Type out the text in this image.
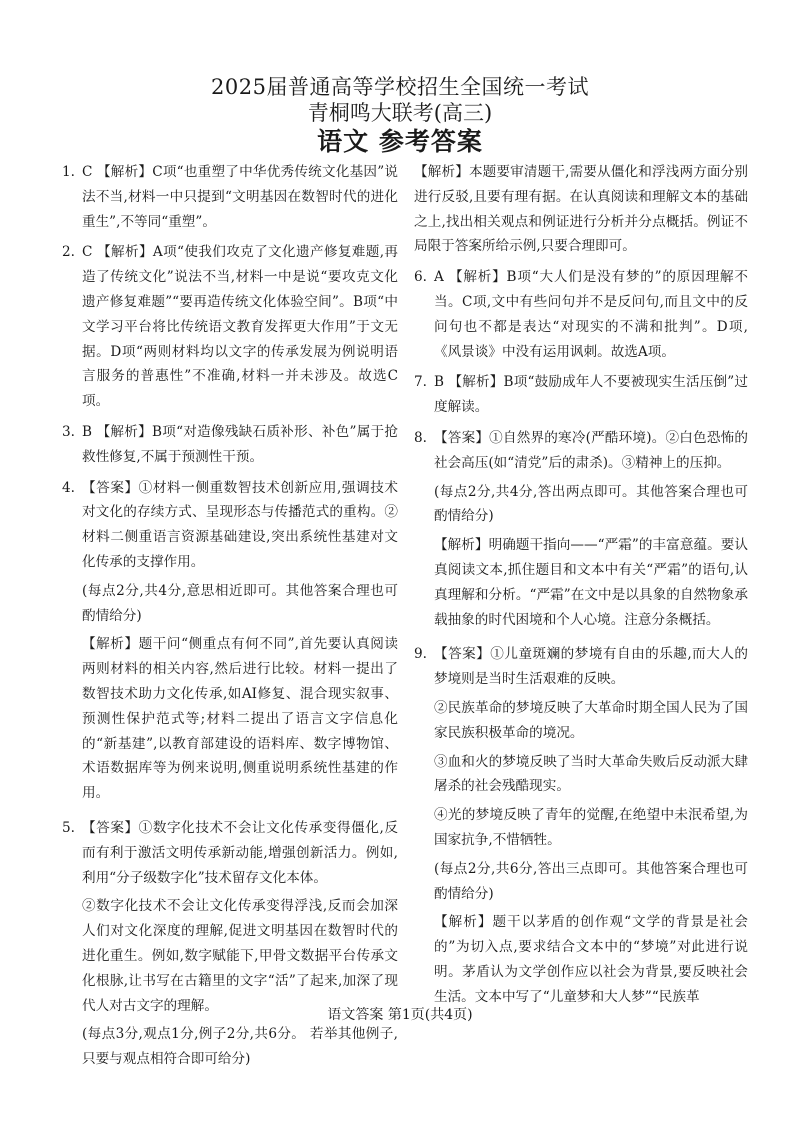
2025届普通高等学校招生全国统一考试
青桐鸣大联考(高三)
语文 参考答案
1. C 【解析】C项“也重塑了中华优秀传统文化基因”说法不当,材料一中只提到“文明基因在数智时代的进化重生”,不等同“重塑”。
2. C 【解析】A项“使我们攻克了文化遗产修复难题,再造了传统文化”说法不当,材料一中是说“要攻克文化遗产修复难题”“要再造传统文化体验空间”。B项“中文学习平台将比传统语文教育发挥更大作用”于文无据。D项“两则材料均以文字的传承发展为例说明语言服务的普惠性”不准确,材料一并未涉及。故选C项。
3. B 【解析】B项“对造像残缺石质补形、补色”属于抢救性修复,不属于预测性干预。
4. 【答案】①材料一侧重数智技术创新应用,强调技术对文化的存续方式、呈现形态与传播范式的重构。②材料二侧重语言资源基础建设,突出系统性基建对文化传承的支撑作用。

(每点2分,共4分,意思相近即可。其他答案合理也可酌情给分)

【解析】题干问“侧重点有何不同”,首先要认真阅读两则材料的相关内容,然后进行比较。材料一提出了数智技术助力文化传承,如AI修复、混合现实叙事、预测性保护范式等;材料二提出了语言文字信息化的“新基建”,以教育部建设的语料库、数字博物馆、术语数据库等为例来说明,侧重说明系统性基建的作用。

5. 【答案】①数字化技术不会让文化传承变得僵化,反而有利于激活文明传承新动能,增强创新活力。例如,利用“分子级数字化”技术留存文化本体。

②数字化技术不会让文化传承变得浮浅,反而会加深人们对文化深度的理解,促进文明基因在数智时代的进化重生。例如,数字赋能下,甲骨文数据平台传承文化根脉,让书写在古籍里的文字“活”了起来,加深了现代人对古文字的理解。

(每点3分,观点1分,例子2分,共6分。 若举其他例子,只要与观点相符合即可给分)

【解析】本题要审清题干,需要从僵化和浮浅两方面分别进行反驳,且要有理有据。在认真阅读和理解文本的基础之上,找出相关观点和例证进行分析并分点概括。例证不局限于答案所给示例,只要合理即可。

6. A 【解析】B项“大人们是没有梦的”的原因理解不当。C项,文中有些问句并不是反问句,而且文中的反问句也不都是表达“对现实的不满和批判”。D项,《风景谈》中没有运用讽刺。故选A项。
7. B 【解析】B项“鼓励成年人不要被现实生活压倒”过度解读。
8. 【答案】①自然界的寒冷(严酷环境)。②白色恐怖的社会高压(如“清党”后的肃杀)。③精神上的压抑。

(每点2分,共4分,答出两点即可。其他答案合理也可酌情给分)

【解析】明确题干指向——“严霜”的丰富意蕴。要认真阅读文本,抓住题目和文本中有关“严霜”的语句,认真理解和分析。“严霜”在文中是以具象的自然物象承载抽象的时代困境和个人心境。注意分条概括。

9. 【答案】①儿童斑斓的梦境有自由的乐趣,而大人的梦境则是当时生活艰难的反映。

②民族革命的梦境反映了大革命时期全国人民为了国家民族积极革命的境况。

③血和火的梦境反映了当时大革命失败后反动派大肆屠杀的社会残酷现实。

④光的梦境反映了青年的觉醒,在绝望中未泯希望,为国家抗争,不惜牺牲。

(每点2分,共6分,答出三点即可。其他答案合理也可酌情给分)

【解析】题干以茅盾的创作观“文学的背景是社会的”为切入点,要求结合文本中的“梦境”对此进行说明。茅盾认为文学创作应以社会为背景,要反映社会生活。文本中写了“儿童梦和大人梦”“民族革

语文答案 第1页(共4页)
